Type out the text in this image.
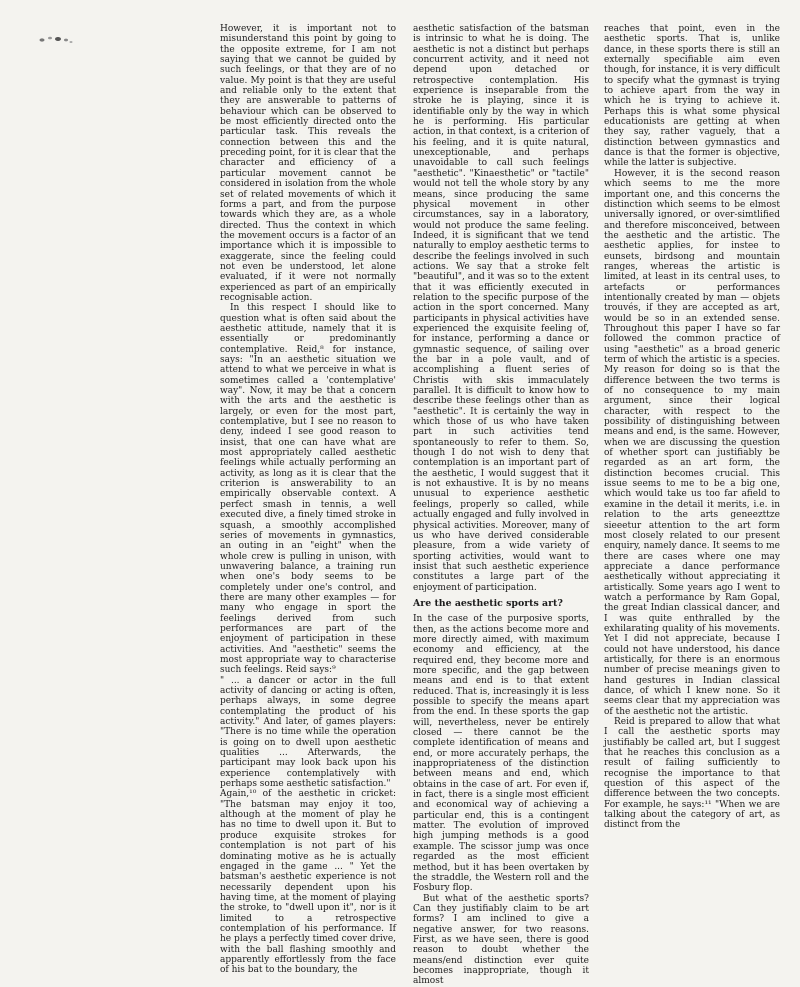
However, it is important not to misunderstand this point by going to the opposite extreme, for I am not saying that we cannot be guided by such feelings, or that they are of no value. My point is that they are useful and reliable only to the extent that they are answerable to patterns of behaviour which can be observed to be most efficiently directed onto the particular task. This reveals the connection between this and the preceding point, for it is clear that the character and efficiency of a particular movement cannot be considered in isolation from the whole set of related movements of which it forms a part, and from the purpose towards which they are, as a whole directed. Thus the context in which the movement occurs is a factor of an importance which it is impossible to exaggerate, since the feeling could not even be understood, let alone evaluated, if it were not normally experienced as part of an empirically recognisable action.

In this respect I should like to question what is often said about the aesthetic attitude, namely that it is essentially or predominantly contemplative. Reid,⁸ for instance, says: "In an aesthetic situation we attend to what we perceive in what is sometimes called a 'contemplative' way". Now, it may be that a concern with the arts and the aesthetic is largely, or even for the most part, contemplative, but I see no reason to deny, indeed I see good reason to insist, that one can have what are most appropriately called aesthetic feelings while actually performing an activity, as long as it is clear that the criterion is answerability to an empirically observable context. A perfect smash in tennis, a well executed dive, a finely timed stroke in squash, a smoothly accomplished series of movements in gymnastics, an outing in an "eight" when the whole crew is pulling in unison, with unwavering balance, a training run when one's body seems to be completely under one's control, and there are many other examples — for many who engage in sport the feelings derived from such performances are part of the enjoyment of participation in these activities. And "aesthetic" seems the most appropriate way to characterise such feelings. Reid says:⁹

" ... a dancer or actor in the full activity of dancing or acting is often, perhaps always, in some degree contemplating the product of his activity." And later, of games players: "There is no time while the operation is going on to dwell upon aesthetic qualities ... Afterwards, the participant may look back upon his experience contemplatively with perhaps some aesthetic satisfaction."

Again,¹⁰ of the aesthetic in cricket: "The batsman may enjoy it too, although at the moment of play he has no time to dwell upon it. But to produce exquisite strokes for contemplation is not part of his dominating motive as he is actually engaged in the game ... " Yet the batsman's aesthetic experience is not necessarily dependent upon his having time, at the moment of playing the stroke, to "dwell upon it", nor is it limited to a retrospective contemplation of his performance. If he plays a perfectly timed cover drive, with the ball flashing smoothly and apparently effortlessly from the face of his bat to the boundary, the

aesthetic satisfaction of the batsman is intrinsic to what he is doing. The aesthetic is not a distinct but perhaps concurrent activity, and it need not depend upon detached or retrospective contemplation. His experience is inseparable from the stroke he is playing, since it is identifiable only by the way in which he is performing. His particular action, in that context, is a criterion of his feeling, and it is quite natural, unexceptionable, and perhaps unavoidable to call such feelings "aesthetic". "Kinaesthetic" or "tactile" would not tell the whole story by any means, since producing the same physical movement in other circumstances, say in a laboratory, would not produce the same feeling. Indeed, it is significant that we tend naturally to employ aesthetic terms to describe the feelings involved in such actions. We say that a stroke felt "beautiful", and it was so to the extent that it was efficiently executed in relation to the specific purpose of the action in the sport concerned. Many participants in physical activities have experienced the exquisite feeling of, for instance, performing a dance or gymnastic sequence, of sailing over the bar in a pole vault, and of accomplishing a fluent series of Christis with skis immaculately parallel. It is difficult to know how to describe these feelings other than as "aesthetic". It is certainly the way in which those of us who have taken part in such activities tend spontaneously to refer to them. So, though I do not wish to deny that contemplation is an important part of the aesthetic, I would suggest that it is not exhaustive. It is by no means unusual to experience aesthetic feelings, properly so called, while actually engaged and fully involved in physical activities. Moreover, many of us who have derived considerable pleasure, from a wide variety of sporting activities, would want to insist that such aesthetic experience constitutes a large part of the enjoyment of participation.

Are the aesthetic sports art?

In the case of the purposive sports, then, as the actions become more and more directly aimed, with maximum economy and efficiency, at the required end, they become more and more specific, and the gap between means and end is to that extent reduced. That is, increasingly it is less possible to specify the means apart from the end. In these sports the gap will, nevertheless, never be entirely closed — there cannot be the complete identification of means and end, or more accurately perhaps, the inappropriateness of the distinction between means and end, which obtains in the case of art. For even if, in fact, there is a single most efficient and economical way of achieving a particular end, this is a contingent matter. The evolution of improved high jumping methods is a good example. The scissor jump was once regarded as the most efficient method, but it has been overtaken by the straddle, the Western roll and the Fosbury flop.

But what of the aesthetic sports? Can they justifiably claim to be art forms? I am inclined to give a negative answer, for two reasons. First, as we have seen, there is good reason to doubt whether the means/end distinction ever quite becomes inappropriate, though it almost

reaches that point, even in the aesthetic sports. That is, unlike dance, in these sports there is still an externally specifiable aim even though, for instance, it is very difficult to specify what the gymnast is trying to achieve apart from the way in which he is trying to achieve it. Perhaps this is what some physical educationists are getting at when they say, rather vaguely, that a distinction between gymnastics and dance is that the former is objective, while the latter is subjective.

However, it is the second reason which seems to me the more important one, and this concerns the distinction which seems to be elmost universally ignored, or over-simtlified and therefore misconceived, between the aesthetic and the artistic. The aesthetic applies, for instee to eunsets, birdsong and mountain ranges, whereas the artistic is limited, at least in its central uses, to artefacts or performances intentionally created by man — objets trouvés, if they are accepted as art, would be so in an extended sense. Throughout this paper I have so far followed the common practice of using "aesthetic" as a broad generic term of which the artistic is a species. My reason for doing so is that the difference between the two terms is of no consequence to my main argument, since their logical character, with respect to the possibility of distinguishing between means and end, is the same. However, when we are discussing the question of whether sport can justifiably be regarded as an art form, the distinction becomes crucial. This issue seems to me to be a big one, which would take us too far afield to examine in the detail it merits, i.e. in relation to the arts geneezttze sieeetur attention to the art form most closely related to our present enquiry, namely dance. It seems to me there are cases where one may appreciate a dance performance aesthetically without appreciating it artistically. Some years ago I went to watch a performance by Ram Gopal, the great Indian classical dancer, and I was quite enthralled by the exhilarating quality of his movements. Yet I did not appreciate, because I could not have understood, his dance artistically, for there is an enormous number of precise meanings given to hand gestures in Indian classical dance, of which I knew none. So it seems clear that my appreciation was of the aesthetic not the artistic.

Reid is prepared to allow that what I call the aesthetic sports may justifiably be called art, but I suggest that he reaches this conclusion as a result of failing sufficiently to recognise the importance to that question of this aspect of the difference between the two concepts. For example, he says:¹¹ "When we are talking about the category of art, as distinct from the
